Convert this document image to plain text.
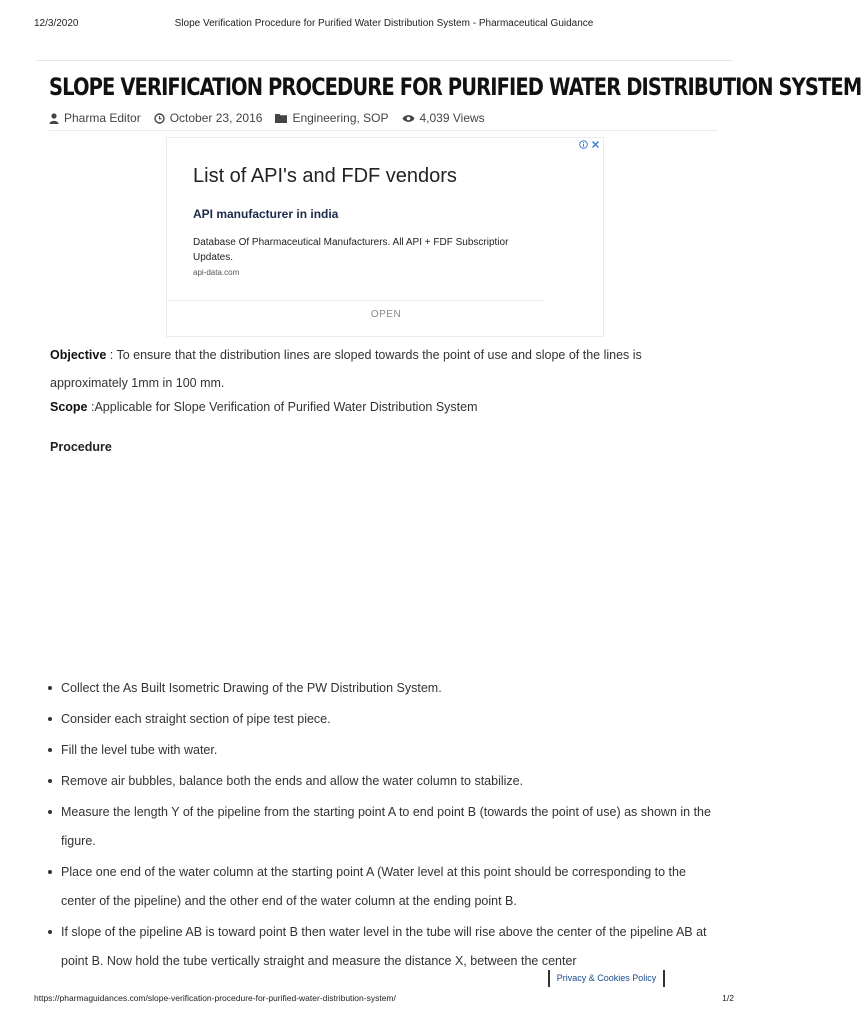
12/3/2020	Slope Verification Procedure for Purified Water Distribution System - Pharmaceutical Guidance
SLOPE VERIFICATION PROCEDURE FOR PURIFIED WATER DISTRIBUTION SYSTEM
Pharma Editor October 23, 2016	Engineering, SOP	4,039 Views
List of API's and FDF vendors
API manufacturer in india
Database Of Pharmaceutical Manufacturers. All API + FDF Subscriptior
Updates.
api-data.com
OPEN

Objective : To ensure that the distribution lines are sloped towards the point of use and slope of the lines is approximately 1mm in 100 mm.

Scope :Applicable for Slope Verification of Purified Water Distribution System

Procedure

Collect the As Built Isometric Drawing of the PW Distribution System.
Consider each straight section of pipe test piece.
Fill the level tube with water.
Remove air bubbles, balance both the ends and allow the water column to stabilize.
Measure the length Y of the pipeline from the starting point A to end point B (towards the point of use) as shown in the figure.
Place one end of the water column at the starting point A (Water level at this point should be corresponding to the center of the pipeline) and the other end of the water column at the ending point B.
If slope of the pipeline AB is toward point B then water level in the tube will rise above the center of the pipeline AB at point B. Now hold the tube vertically straight and measure the distance X, between the center
Privacy & Cookies Policy
https://pharmaguidances.com/slope-verification-procedure-for-purified-water-distribution-system/	1/2
